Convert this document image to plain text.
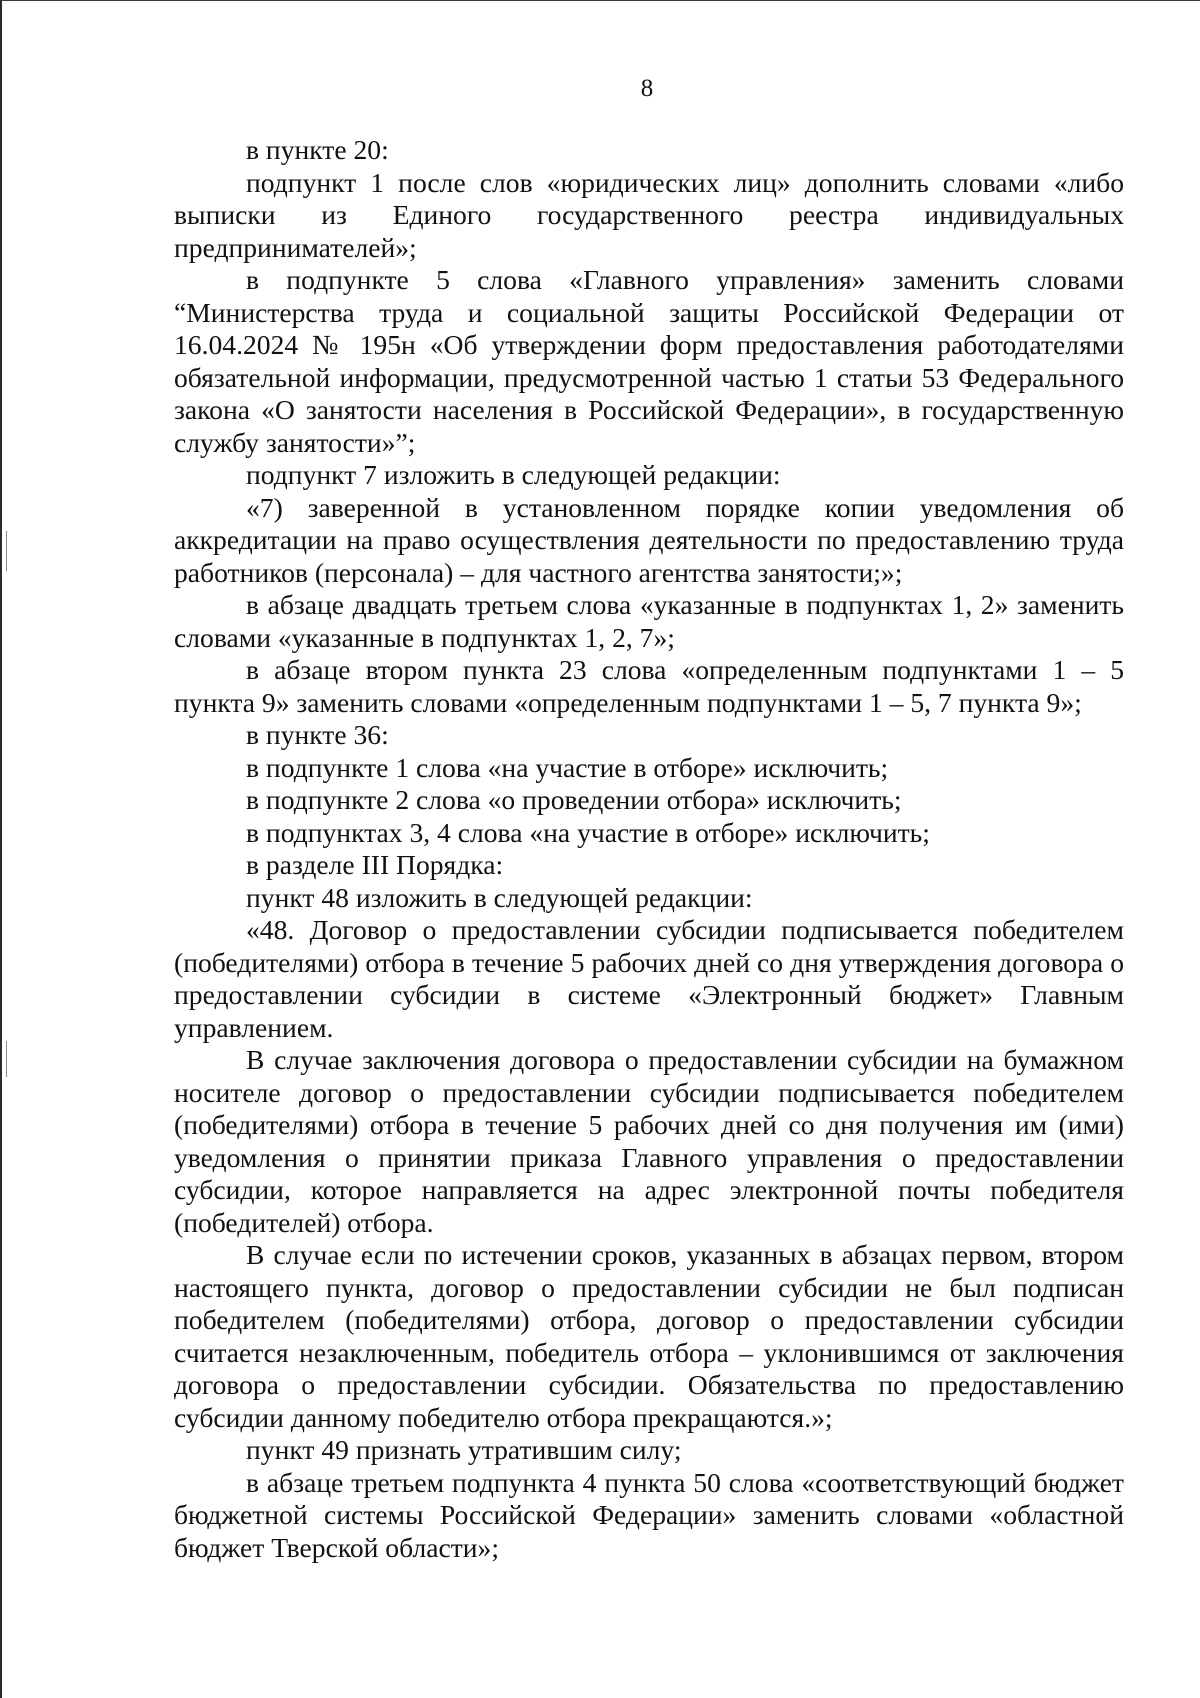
8

в пункте 20:

подпункт 1 после слов «юридических лиц» дополнить словами «либо выписки из Единого государственного реестра индивидуальных предпринимателей»;

в подпункте 5 слова «Главного управления» заменить словами “Министерства труда и социальной защиты Российской Федерации от 16.04.2024 № 195н «Об утверждении форм предоставления работодателями обязательной информации, предусмотренной частью 1 статьи 53 Федерального закона «О занятости населения в Российской Федерации», в государственную службу занятости»”;

подпункт 7 изложить в следующей редакции:

«7) заверенной в установленном порядке копии уведомления об аккредитации на право осуществления деятельности по предоставлению труда работников (персонала) – для частного агентства занятости;»;

в абзаце двадцать третьем слова «указанные в подпунктах 1, 2» заменить словами «указанные в подпунктах 1, 2, 7»;

в абзаце втором пункта 23 слова «определенным подпунктами 1 – 5 пункта 9» заменить словами «определенным подпунктами 1 – 5, 7 пункта 9»;

в пункте 36:

в подпункте 1 слова «на участие в отборе» исключить;

в подпункте 2 слова «о проведении отбора» исключить;

в подпунктах 3, 4 слова «на участие в отборе» исключить;

в разделе III Порядка:

пункт 48 изложить в следующей редакции:

«48. Договор о предоставлении субсидии подписывается победителем (победителями) отбора в течение 5 рабочих дней со дня утверждения договора о предоставлении субсидии в системе «Электронный бюджет» Главным управлением.

В случае заключения договора о предоставлении субсидии на бумажном носителе договор о предоставлении субсидии подписывается победителем (победителями) отбора в течение 5 рабочих дней со дня получения им (ими) уведомления о принятии приказа Главного управления о предоставлении субсидии, которое направляется на адрес электронной почты победителя (победителей) отбора.

В случае если по истечении сроков, указанных в абзацах первом, втором настоящего пункта, договор о предоставлении субсидии не был подписан победителем (победителями) отбора, договор о предоставлении субсидии считается незаключенным, победитель отбора – уклонившимся от заключения договора о предоставлении субсидии. Обязательства по предоставлению субсидии данному победителю отбора прекращаются.»;

пункт 49 признать утратившим силу;

в абзаце третьем подпункта 4 пункта 50 слова «соответствующий бюджет бюджетной системы Российской Федерации» заменить словами «областной бюджет Тверской области»;
